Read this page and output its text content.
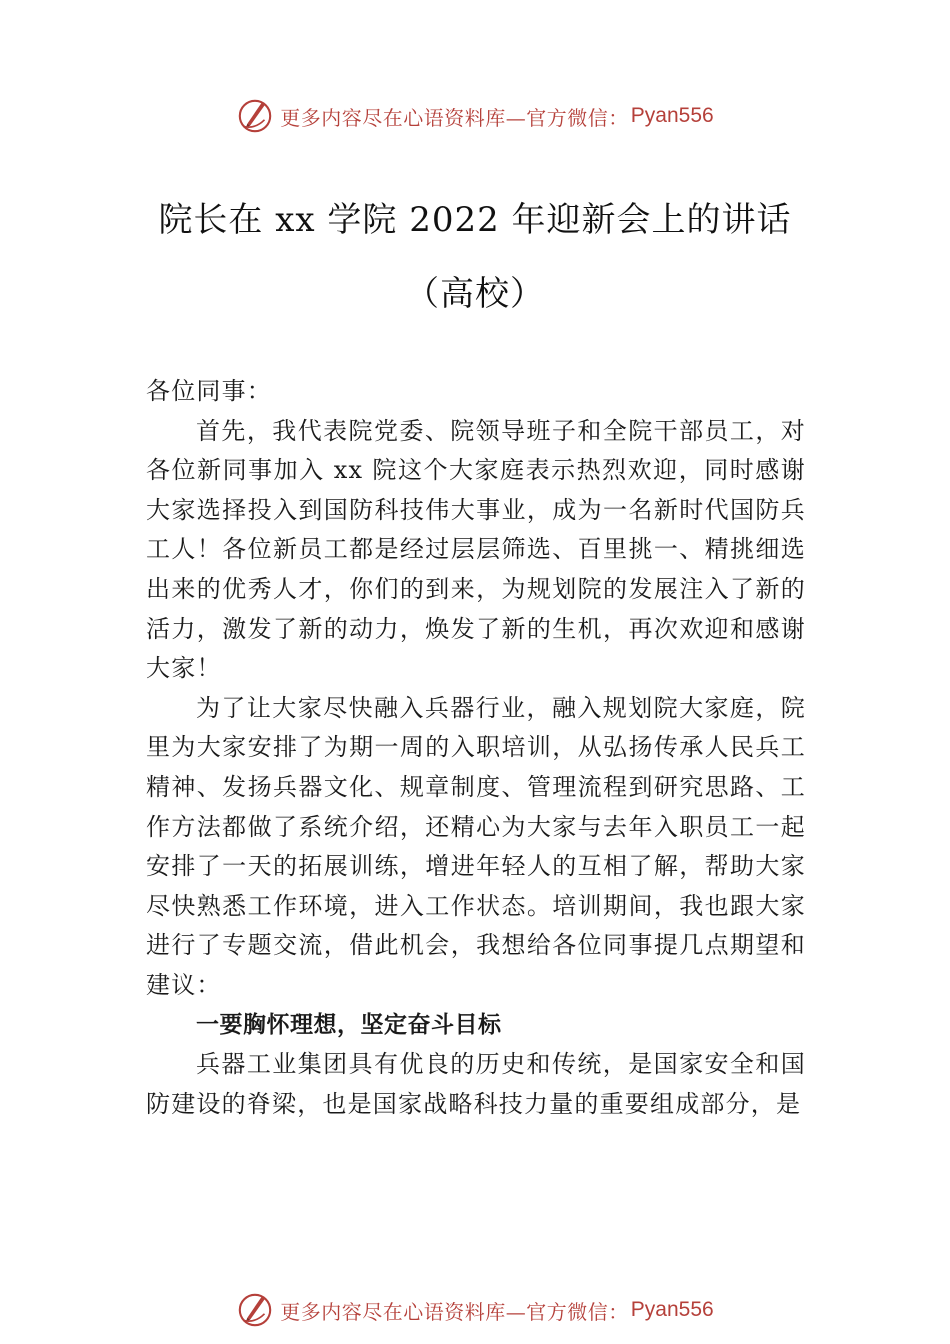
更多内容尽在心语资料库—官方微信： Pyan556
院长在 xx 学院 2022 年迎新会上的讲话
（高校）

各位同事：

首先，我代表院党委、院领导班子和全院干部员工，对各位新同事加入 xx 院这个大家庭表示热烈欢迎，同时感谢大家选择投入到国防科技伟大事业，成为一名新时代国防兵工人！各位新员工都是经过层层筛选、百里挑一、精挑细选出来的优秀人才，你们的到来，为规划院的发展注入了新的活力，激发了新的动力，焕发了新的生机，再次欢迎和感谢大家！

为了让大家尽快融入兵器行业，融入规划院大家庭，院里为大家安排了为期一周的入职培训，从弘扬传承人民兵工精神、发扬兵器文化、规章制度、管理流程到研究思路、工作方法都做了系统介绍，还精心为大家与去年入职员工一起安排了一天的拓展训练，增进年轻人的互相了解，帮助大家尽快熟悉工作环境，进入工作状态。培训期间，我也跟大家进行了专题交流，借此机会，我想给各位同事提几点期望和建议：

一要胸怀理想，坚定奋斗目标

兵器工业集团具有优良的历史和传统，是国家安全和国防建设的脊梁，也是国家战略科技力量的重要组成部分，是

更多内容尽在心语资料库—官方微信： Pyan556
